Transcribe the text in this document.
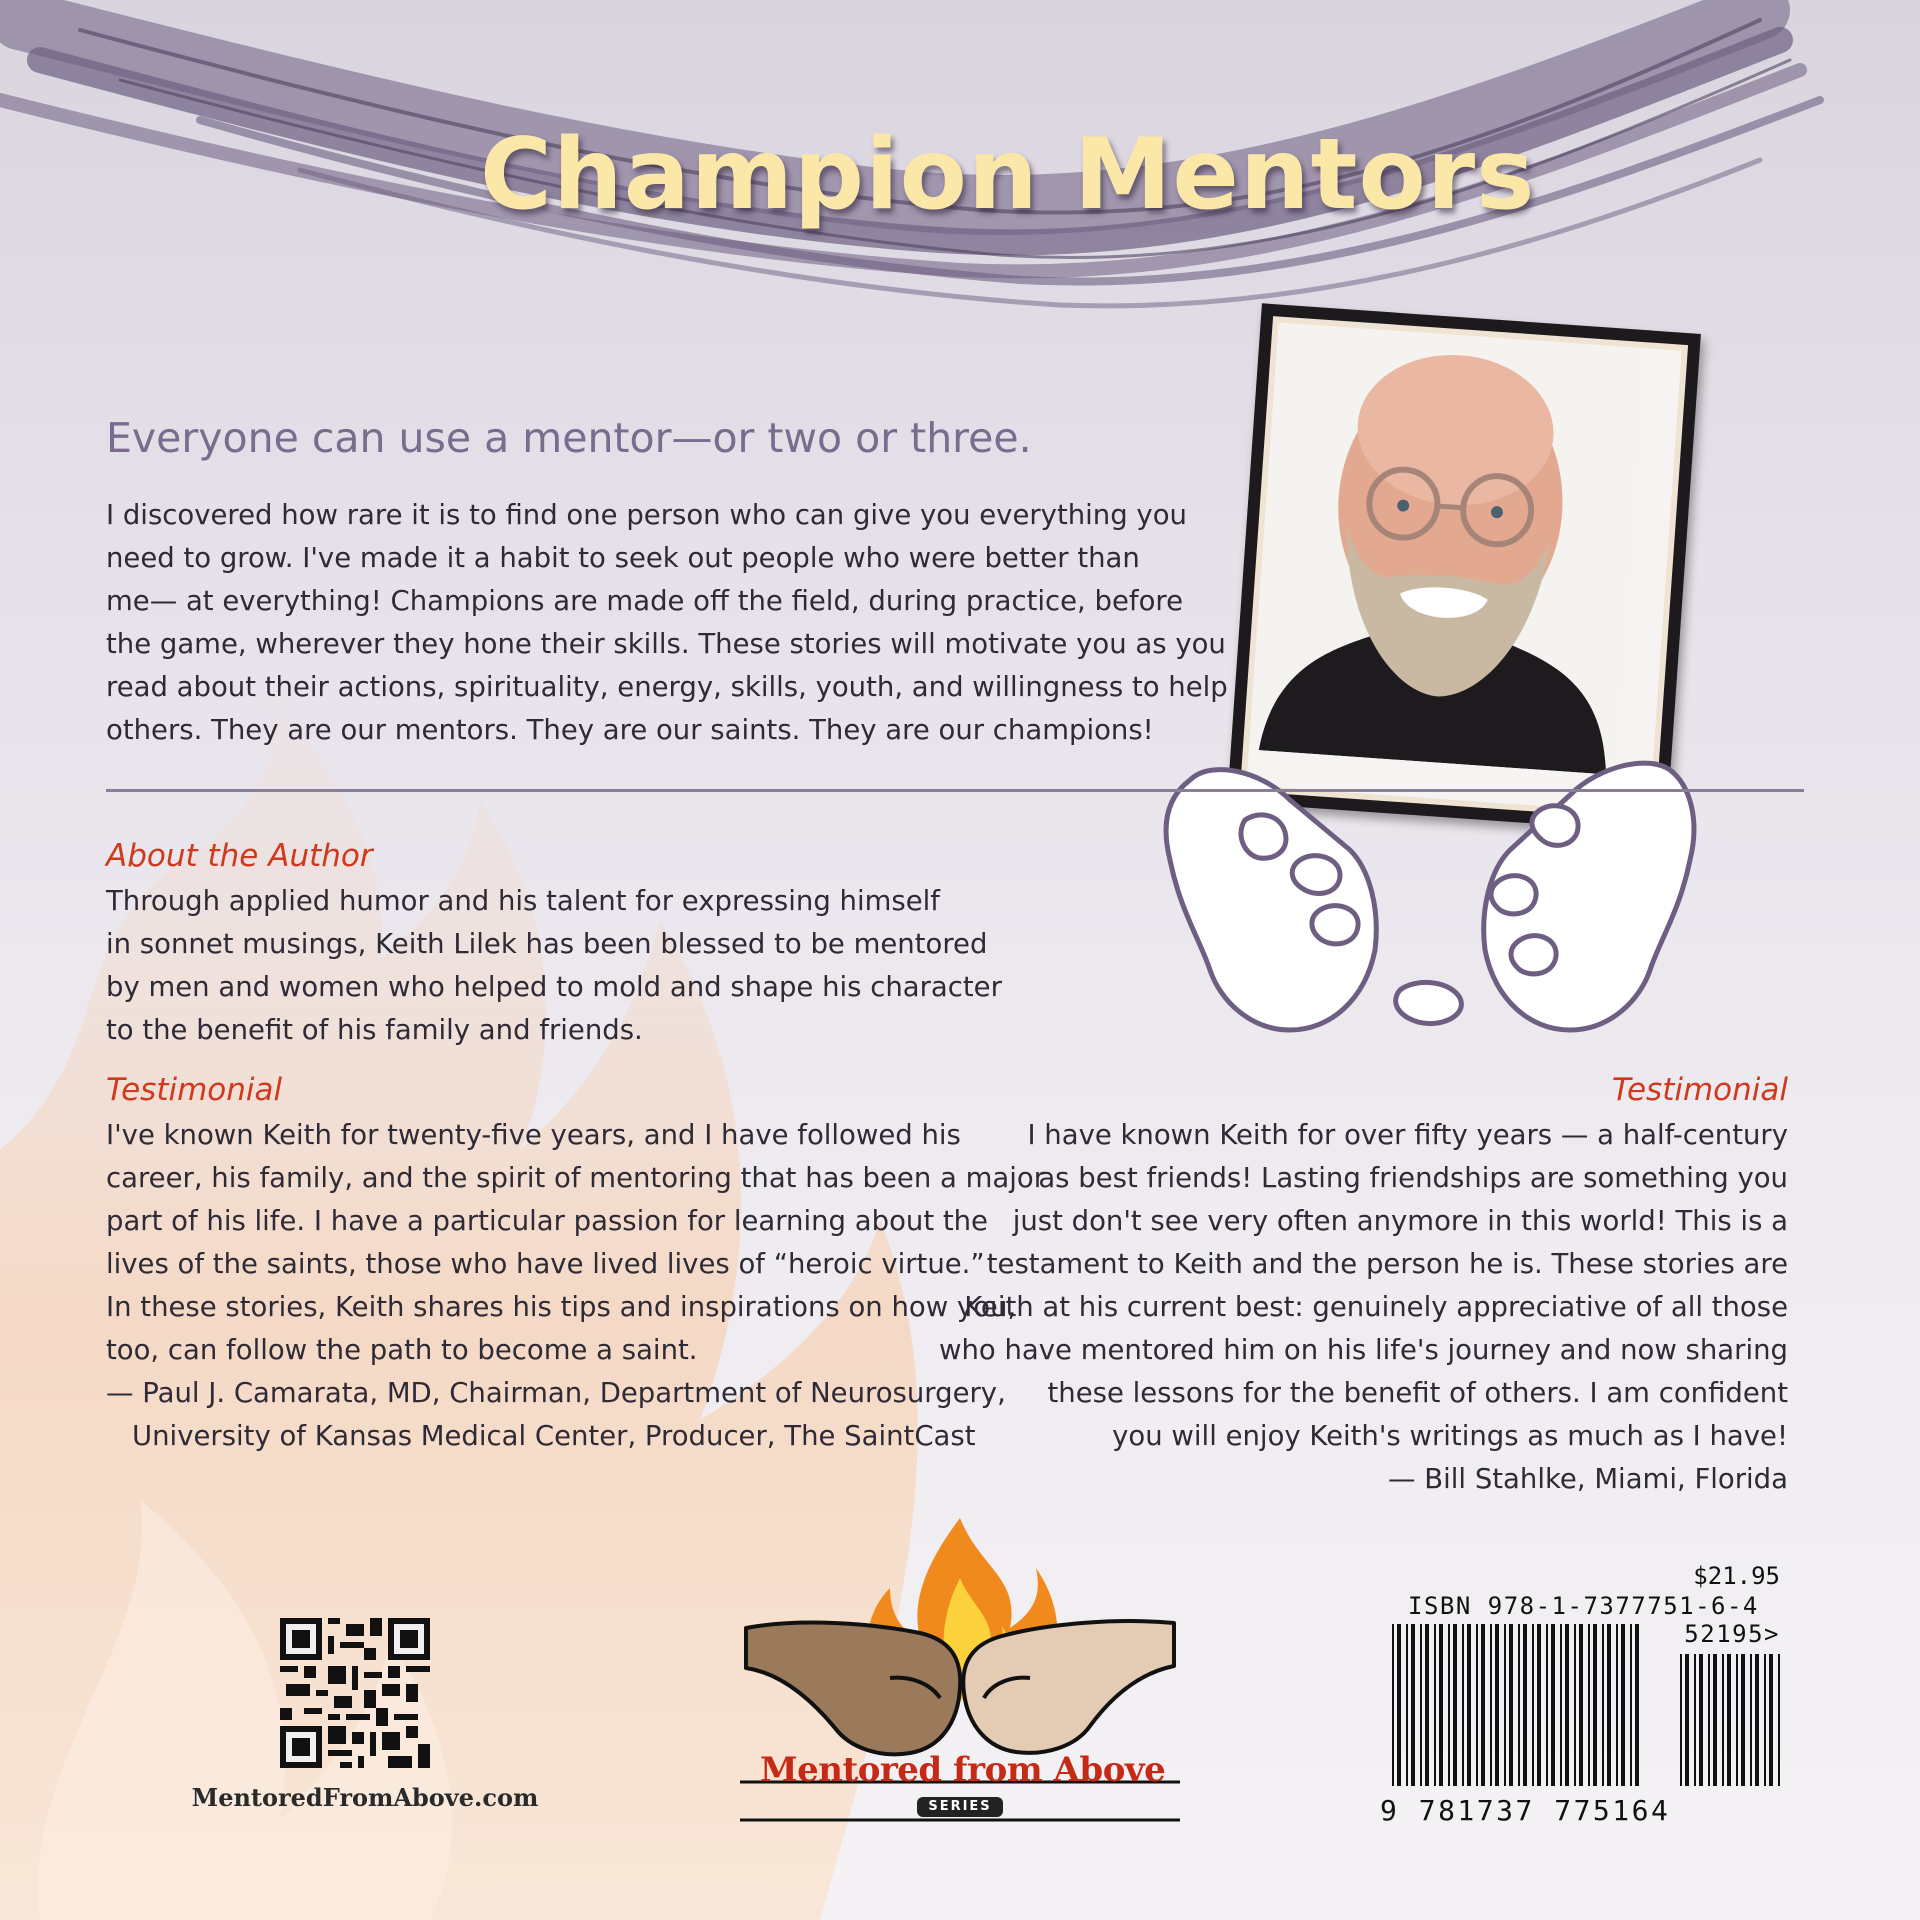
Champion Mentors
Everyone can use a mentor—or two or three.
I discovered how rare it is to find one person who can give you everything you
need to grow. I've made it a habit to seek out people who were better than
me— at everything! Champions are made off the field, during practice, before
the game, wherever they hone their skills. These stories will motivate you as you
read about their actions, spirituality, energy, skills, youth, and willingness to help
others. They are our mentors. They are our saints. They are our champions!
About the Author
Through applied humor and his talent for expressing himself
in sonnet musings, Keith Lilek has been blessed to be mentored
by men and women who helped to mold and shape his character
to the benefit of his family and friends.
Testimonial
I've known Keith for twenty-five years, and I have followed his
career, his family, and the spirit of mentoring that has been a major
part of his life. I have a particular passion for learning about the
lives of the saints, those who have lived lives of “heroic virtue.”
In these stories, Keith shares his tips and inspirations on how you,
too, can follow the path to become a saint.
— Paul J. Camarata, MD, Chairman, Department of Neurosurgery,
University of Kansas Medical Center, Producer, The SaintCast
Testimonial
I have known Keith for over fifty years — a half-century
as best friends! Lasting friendships are something you
just don't see very often anymore in this world! This is a
testament to Keith and the person he is. These stories are
Keith at his current best: genuinely appreciative of all those
who have mentored him on his life's journey and now sharing
these lessons for the benefit of others. I am confident
you will enjoy Keith's writings as much as I have!
— Bill Stahlke, Miami, Florida
MentoredFromAbove.com
Mentored from Above
SERIES
$21.95
ISBN 978-1-7377751-6-4
52195>
9 781737 775164
